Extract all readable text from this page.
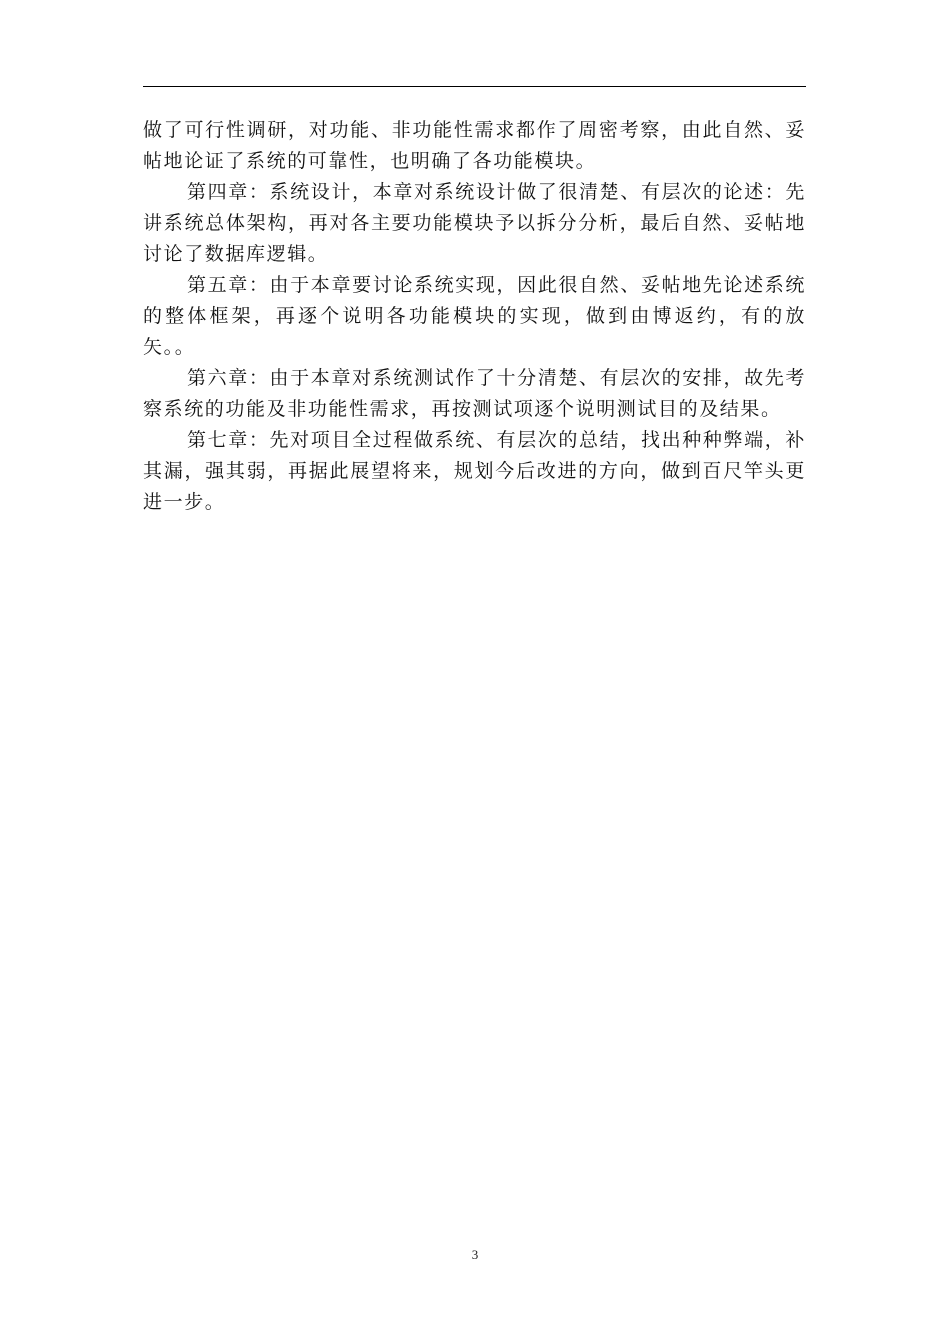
做了可行性调研，对功能、非功能性需求都作了周密考察，由此自然、妥帖地论证了系统的可靠性，也明确了各功能模块。

第四章：系统设计，本章对系统设计做了很清楚、有层次的论述：先讲系统总体架构，再对各主要功能模块予以拆分分析，最后自然、妥帖地讨论了数据库逻辑。

第五章：由于本章要讨论系统实现，因此很自然、妥帖地先论述系统的整体框架，再逐个说明各功能模块的实现，做到由博返约，有的放矢。。

第六章：由于本章对系统测试作了十分清楚、有层次的安排，故先考察系统的功能及非功能性需求，再按测试项逐个说明测试目的及结果。

第七章：先对项目全过程做系统、有层次的总结，找出种种弊端，补其漏，强其弱，再据此展望将来，规划今后改进的方向，做到百尺竿头更进一步。

3
